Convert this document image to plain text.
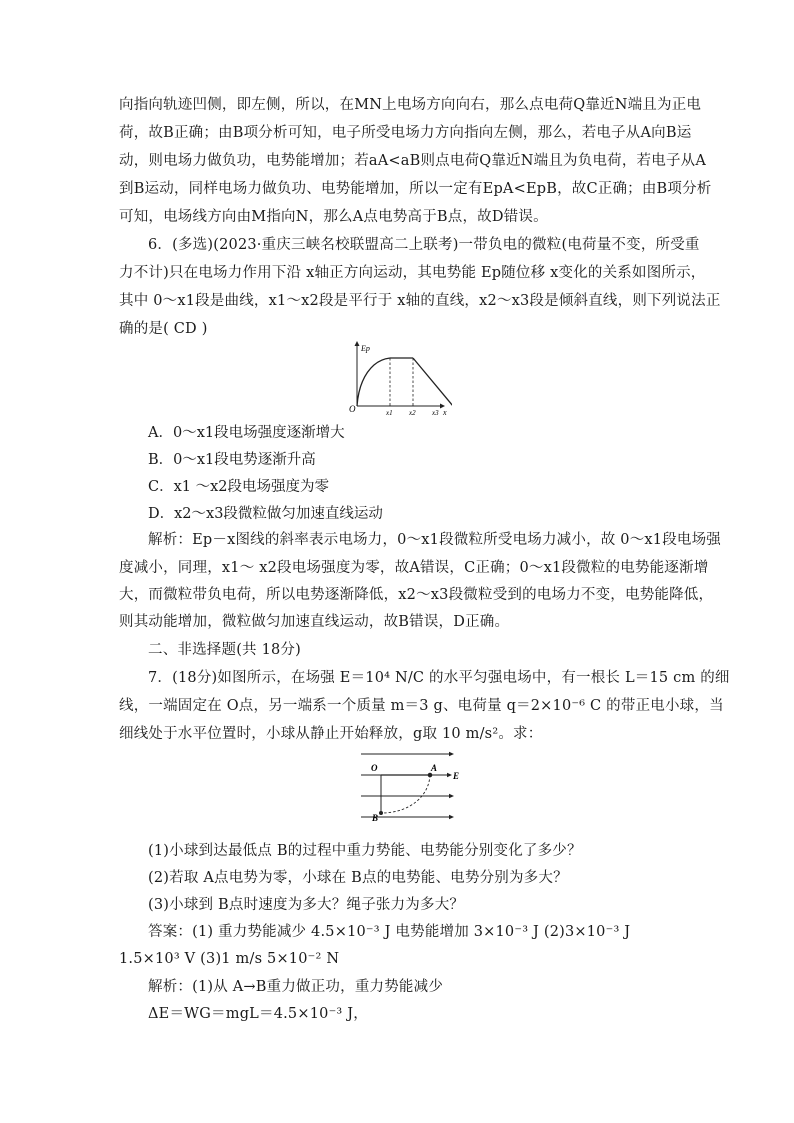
向指向轨迹凹侧，即左侧，所以，在MN上电场方向向右，那么点电荷Q靠近N端且为正电
荷，故B正确；由B项分析可知，电子所受电场力方向指向左侧，那么，若电子从A向B运
动，则电场力做负功，电势能增加；若aA<aB则点电荷Q靠近N端且为负电荷，若电子从A
到B运动，同样电场力做负功、电势能增加，所以一定有EpA<EpB，故C正确；由B项分析
可知，电场线方向由M指向N，那么A点电势高于B点，故D错误。
6．(多选)(2023·重庆三峡名校联盟高二上联考)一带负电的微粒(电荷量不变，所受重
力不计)只在电场力作用下沿 x轴正方向运动，其电势能 Ep随位移 x变化的关系如图所示，
其中 0～x1段是曲线，x1～x2段是平行于 x轴的直线，x2～x3段是倾斜直线，则下列说法正
确的是( CD )
Ep
O	x
x1 x2 x3
A．0～x1段电场强度逐渐增大
B．0～x1段电势逐渐升高
C．x1 ～x2段电场强度为零
D．x2～x3段微粒做匀加速直线运动
解析：Ep－x图线的斜率表示电场力，0～x1段微粒所受电场力减小，故 0～x1段电场强
度减小，同理，x1～ x2段电场强度为零，故A错误，C正确；0～x1段微粒的电势能逐渐增
大，而微粒带负电荷，所以电势逐渐降低，x2～x3段微粒受到的电场力不变，电势能降低，
则其动能增加，微粒做匀加速直线运动，故B错误，D正确。
二、非选择题(共 18分)
7．(18分)如图所示，在场强 E＝10⁴ N/C 的水平匀强电场中，有一根长 L＝15 cm 的细
线，一端固定在 O点，另一端系一个质量 m＝3 g、电荷量 q＝2×10⁻⁶ C 的带正电小球，当
细线处于水平位置时，小球从静止开始释放，g取 10 m/s²。求：
O	A
B
E
(1)小球到达最低点 B的过程中重力势能、电势能分别变化了多少？
(2)若取 A点电势为零，小球在 B点的电势能、电势分别为多大？
(3)小球到 B点时速度为多大？绳子张力为多大？
答案：(1) 重力势能减少 4.5×10⁻³ J 电势能增加 3×10⁻³ J (2)3×10⁻³ J
1.5×10³ V (3)1 m/s 5×10⁻² N
解析：(1)从 A→B重力做正功，重力势能减少
ΔE＝WG＝mgL＝4.5×10⁻³ J，
